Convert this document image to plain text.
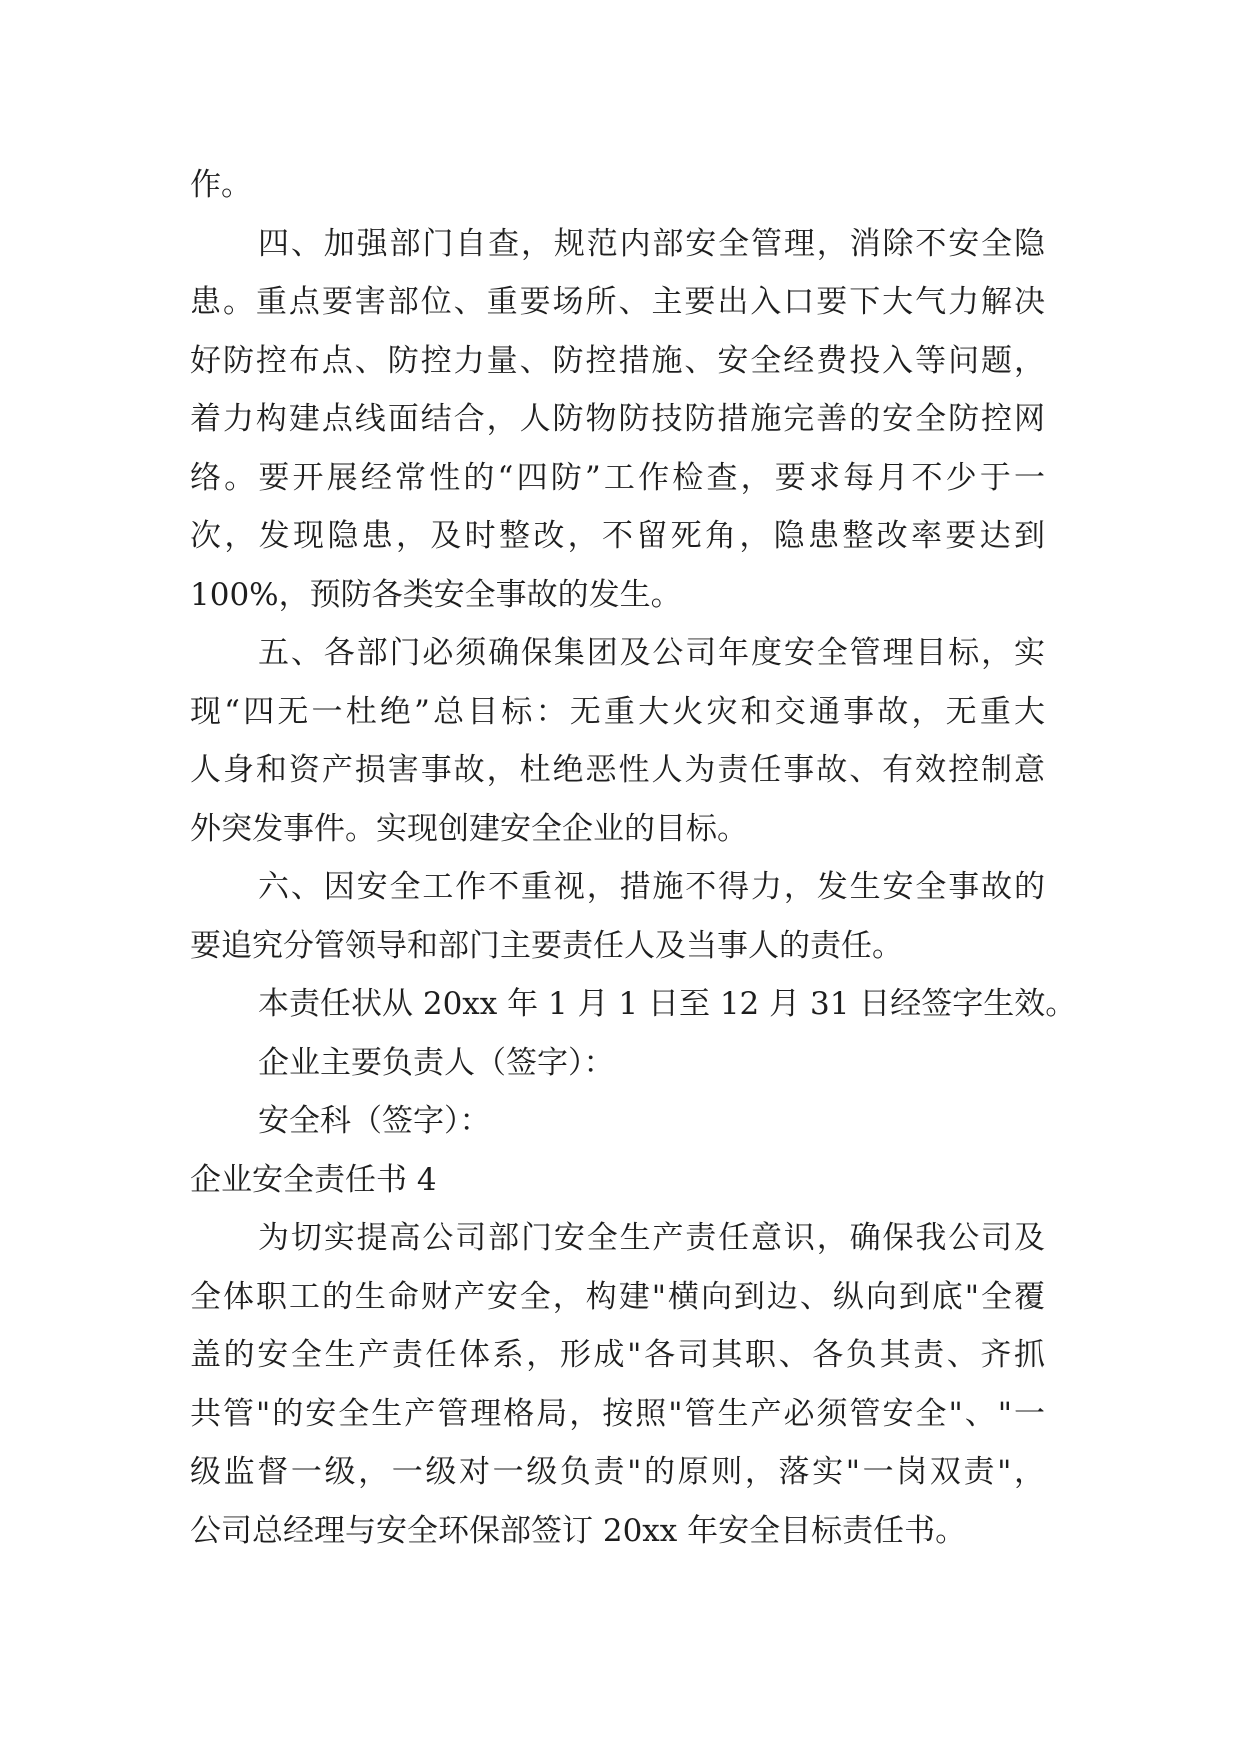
作。
四、加强部门自查，规范内部安全管理，消除不安全隐
患。重点要害部位、重要场所、主要出入口要下大气力解决
好防控布点、防控力量、防控措施、安全经费投入等问题，
着力构建点线面结合，人防物防技防措施完善的安全防控网
络。要开展经常性的“四防”工作检查，要求每月不少于一
次，发现隐患，及时整改，不留死角，隐患整改率要达到
100%，预防各类安全事故的发生。
五、各部门必须确保集团及公司年度安全管理目标，实
现“四无一杜绝”总目标：无重大火灾和交通事故，无重大
人身和资产损害事故，杜绝恶性人为责任事故、有效控制意
外突发事件。实现创建安全企业的目标。
六、因安全工作不重视，措施不得力，发生安全事故的
要追究分管领导和部门主要责任人及当事人的责任。
本责任状从 20xx 年 1 月 1 日至 12 月 31 日经签字生效。
企业主要负责人（签字）：
安全科（签字）：
企业安全责任书 4
为切实提高公司部门安全生产责任意识，确保我公司及
全体职工的生命财产安全，构建"横向到边、纵向到底"全覆
盖的安全生产责任体系，形成"各司其职、各负其责、齐抓
共管"的安全生产管理格局，按照"管生产必须管安全"、"一
级监督一级，一级对一级负责"的原则，落实"一岗双责"，
公司总经理与安全环保部签订 20xx 年安全目标责任书。
